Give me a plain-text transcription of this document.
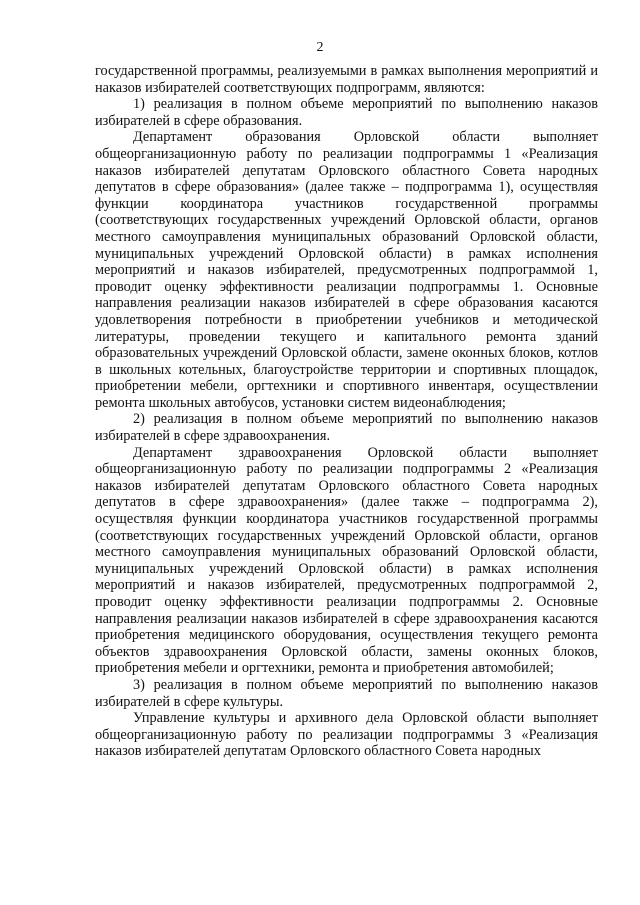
2

государственной программы, реализуемыми в рамках выполнения мероприятий и наказов избирателей соответствующих подпрограмм, являются:

1) реализация в полном объеме мероприятий по выполнению наказов избирателей в сфере образования.

Департамент образования Орловской области выполняет общеорганизационную работу по реализации подпрограммы 1 «Реализация наказов избирателей депутатам Орловского областного Совета народных депутатов в сфере образования» (далее также – подпрограмма 1), осуществляя функции координатора участников государственной программы (соответствующих государственных учреждений Орловской области, органов местного самоуправления муниципальных образований Орловской области, муниципальных учреждений Орловской области) в рамках исполнения мероприятий и наказов избирателей, предусмотренных подпрограммой 1, проводит оценку эффективности реализации подпрограммы 1. Основные направления реализации наказов избирателей в сфере образования касаются удовлетворения потребности в приобретении учебников и методической литературы, проведении текущего и капитального ремонта зданий образовательных учреждений Орловской области, замене оконных блоков, котлов в школьных котельных, благоустройстве территории и спортивных площадок, приобретении мебели, оргтехники и спортивного инвентаря, осуществлении ремонта школьных автобусов, установки систем видеонаблюдения;

2) реализация в полном объеме мероприятий по выполнению наказов избирателей в сфере здравоохранения.

Департамент здравоохранения Орловской области выполняет общеорганизационную работу по реализации подпрограммы 2 «Реализация наказов избирателей депутатам Орловского областного Совета народных депутатов в сфере здравоохранения» (далее также – подпрограмма 2), осуществляя функции координатора участников государственной программы (соответствующих государственных учреждений Орловской области, органов местного самоуправления муниципальных образований Орловской области, муниципальных учреждений Орловской области) в рамках исполнения мероприятий и наказов избирателей, предусмотренных подпрограммой 2, проводит оценку эффективности реализации подпрограммы 2. Основные направления реализации наказов избирателей в сфере здравоохранения касаются приобретения медицинского оборудования, осуществления текущего ремонта объектов здравоохранения Орловской области, замены оконных блоков, приобретения мебели и оргтехники, ремонта и приобретения автомобилей;

3) реализация в полном объеме мероприятий по выполнению наказов избирателей в сфере культуры.

Управление культуры и архивного дела Орловской области выполняет общеорганизационную работу по реализации подпрограммы 3 «Реализация наказов избирателей депутатам Орловского областного Совета народных
